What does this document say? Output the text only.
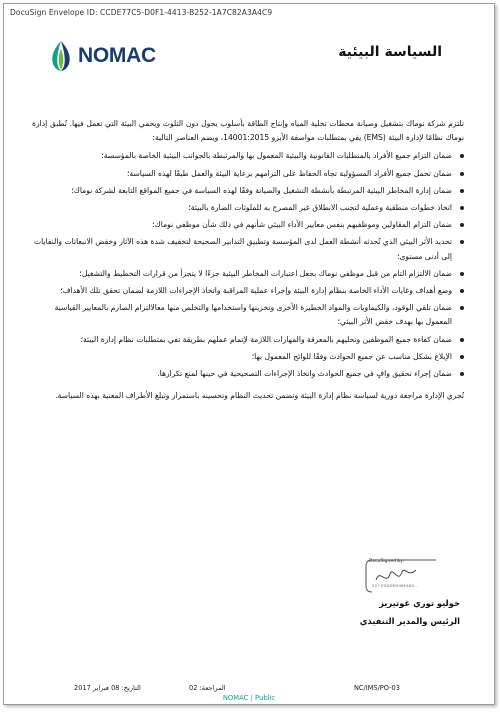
DocuSign Envelope ID: CCDE77C5-D0F1-4413-B252-1A7C82A3A4C9
NOMAC	السياسة البيئية

تلتزم شركة نوماك بتشغيل وصيانة محطات تحلية المياه وإنتاج الطاقة بأسلوب يحول دون التلوث ويحمي البيئة التي تعمل فيها. تُطبق إدارة نوماك نظامًا لإدارة البيئة (EMS) يفي بمتطلبات مواصفة الأيزو 14001:2015، ويضم العناصر التالية:

ضمان التزام جميع الأفراد بالمتطلبات القانونية والبيئية المعمول بها والمرتبطة بالجوانب البيئية الخاصة بالمؤسسة؛
ضمان تحمل جميع الأفراد المسؤولية تجاه الحفاظ على التزامهم برعاية البيئة والعمل طبقًا لهذه السياسة؛
ضمان إدارة المخاطر البيئية المرتبطة بأنشطة التشغيل والصيانة وفقًا لهذه السياسة في جميع المواقع التابعة لشركة نوماك؛
اتخاذ خطوات منطقية وعملية لتجنب الانطلاق غير المصرح به للملوثات الضارة بالبيئة؛
ضمان التزام المقاولين وموظفيهم بنفس معايير الأداء البيئي شأنهم في ذلك شأن موظفي نوماك؛
تحديد الأثر البيئي الذي تُحدثه أنشطة العمل لدى المؤسسة وتطبيق التدابير الصحيحة لتخفيف شدة هذه الآثار وخفض الانبعاثات والنفايات إلى أدنى مستوى؛
ضمان الالتزام التام من قبل موظفي نوماك بجعل اعتبارات المخاطر البيئية جزءًا لا يتجزأ من قرارات التخطيط والتشغيل؛
وضع أهداف وغايات الأداء الخاصة بنظام إدارة البيئة وإجراء عملية المراقبة واتخاذ الإجراءات اللازمة لضمان تحقق تلك الأهداف؛
ضمان تلقي الوقود، والكيماويات والمواد الخطيرة الأخرى وتخزينها واستخدامها والتخلص منها معالالتزام الصارم بالمعايير القياسية المعمول بها بهدف خفض الأثر البيئي؛
ضمان كفاءة جميع الموظفين وتحليهم بالمعرفة والمهارات اللازمة لإتمام عملهم بطريقة تفي بمتطلبات نظام إدارة البيئة؛
الإبلاغ بشكل مناسب عن جميع الحوادث وفقًا للوائح المعمول بها؛
ضمان إجراء تحقيق وافٍ في جميع الحوادث واتخاذ الإجراءات التصحيحية في حينها لمنع تكرارها.

تُجري الإدارة مراجعة دورية لسياسة نظام إدارة البيئة وتضمن تحديث النظام وتحسينه باستمرار وتبلغ الأطراف المعنية بهذه السياسة.

DocuSigned by:
207 E0DDED46E480...
خوليو توري غوتيريز
الرئيس والمدير التنفيذي
التاريخ: 08 فبراير 2017	المراجعة: 02	NC/IMS/PO-03
NOMAC | Public
